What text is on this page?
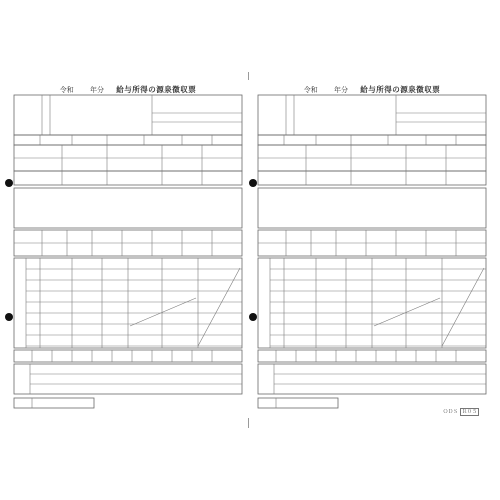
令和 年分 給与所得の源泉徴収票	令和 年分 給与所得の源泉徴収票
ＯＤＳ Ｒ０５
